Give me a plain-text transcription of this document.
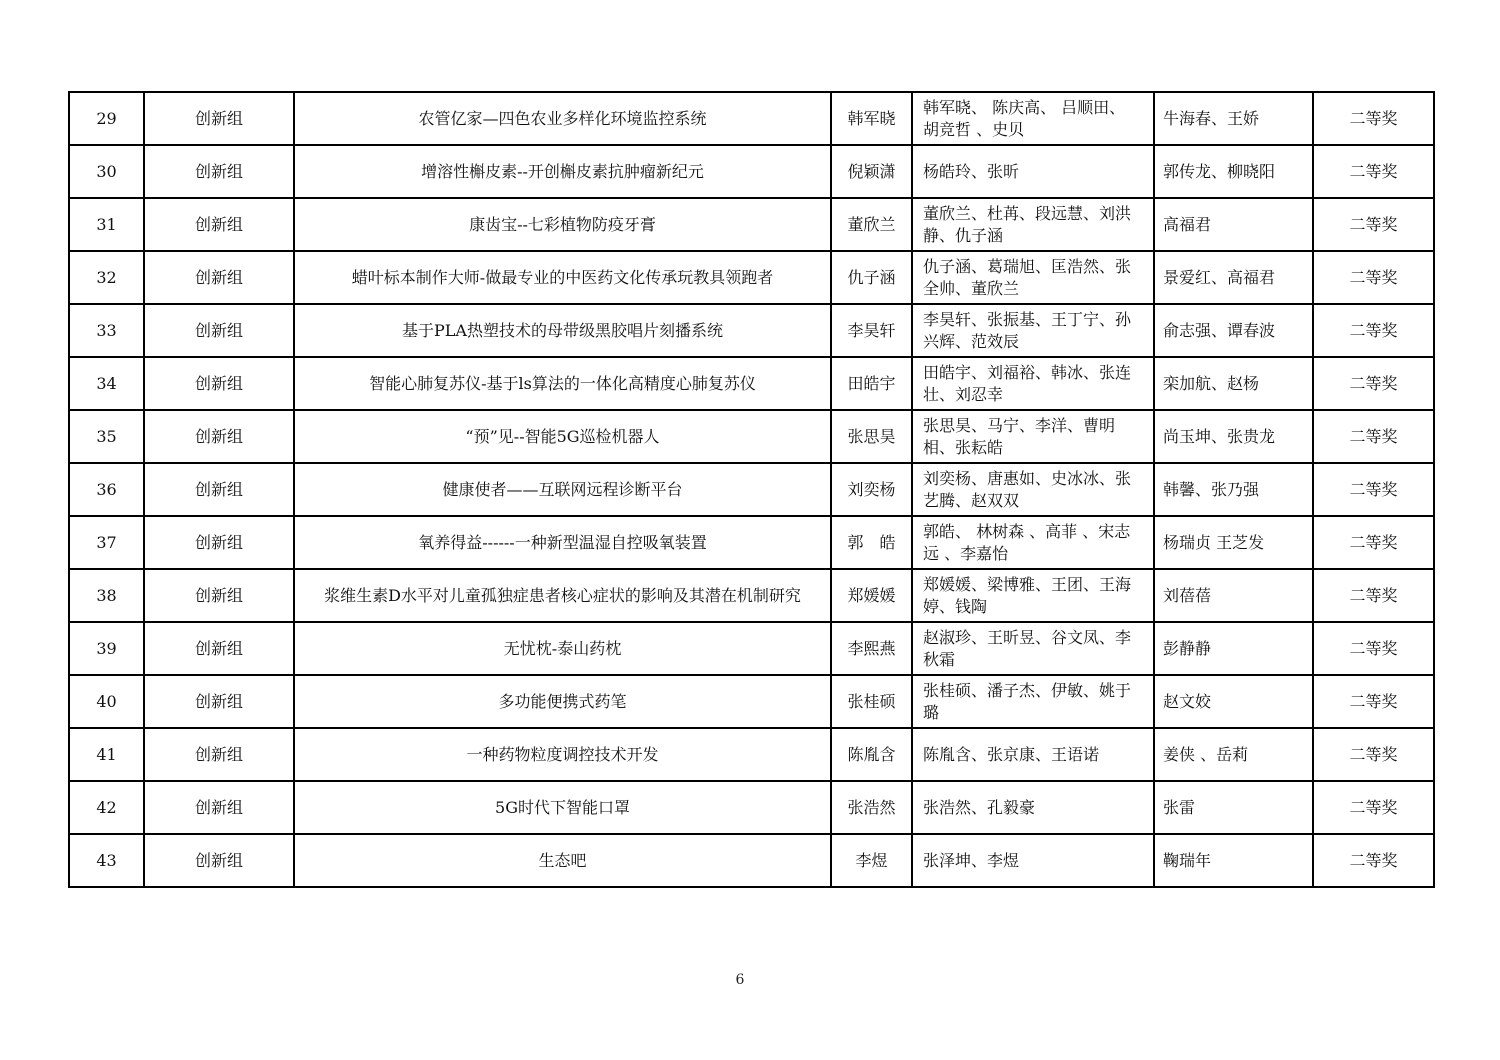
29	创新组	农管亿家—四色农业多样化环境监控系统	韩军晓	韩军晓、 陈庆高、 吕顺田、 胡竞哲 、史贝	牛海春、王娇	二等奖
30	创新组	增溶性槲皮素--开创槲皮素抗肿瘤新纪元	倪颖潇	杨皓玲、张昕	郭传龙、柳晓阳	二等奖
31	创新组	康齿宝--七彩植物防疫牙膏	董欣兰	董欣兰、杜苒、段远慧、刘洪静、仇子涵	高福君	二等奖
32	创新组	蜡叶标本制作大师-做最专业的中医药文化传承玩教具领跑者	仇子涵	仇子涵、葛瑞旭、匡浩然、张全帅、董欣兰	景爱红、高福君	二等奖
33	创新组	基于PLA热塑技术的母带级黑胶唱片刻播系统	李昊轩	李昊轩、张振基、王丁宁、孙兴辉、范效辰	俞志强、谭春波	二等奖
34	创新组	智能心肺复苏仪-基于ls算法的一体化高精度心肺复苏仪	田皓宇	田皓宇、刘福裕、韩冰、张连壮、刘忍幸	栾加航、赵杨	二等奖
35	创新组	“预”见--智能5G巡检机器人	张思昊	张思昊、马宁、李洋、曹明相、张耘皓	尚玉坤、张贵龙	二等奖
36	创新组	健康使者——互联网远程诊断平台	刘奕杨	刘奕杨、唐惠如、史冰冰、张艺腾、赵双双	韩馨、张乃强	二等奖
37	创新组	氧养得益------一种新型温湿自控吸氧装置	郭　皓	郭皓、 林树森 、高菲 、宋志远 、李嘉怡	杨瑞贞 王芝发	二等奖
38	创新组	浆维生素D水平对儿童孤独症患者核心症状的影响及其潜在机制研究	郑媛媛	郑媛媛、梁博雅、王团、王海婷、钱陶	刘蓓蓓	二等奖
39	创新组	无忧枕-泰山药枕	李熙燕	赵淑珍、王昕昱、谷文凤、李秋霜	彭静静	二等奖
40	创新组	多功能便携式药笔	张桂硕	张桂硕、潘子杰、伊敏、姚于璐	赵文姣	二等奖
41	创新组	一种药物粒度调控技术开发	陈胤含	陈胤含、张京康、王语诺	姜侠 、岳莉	二等奖
42	创新组	5G时代下智能口罩	张浩然	张浩然、孔毅豪	张雷	二等奖
43	创新组	生态吧	李煜	张泽坤、李煜	鞠瑞年	二等奖
6
